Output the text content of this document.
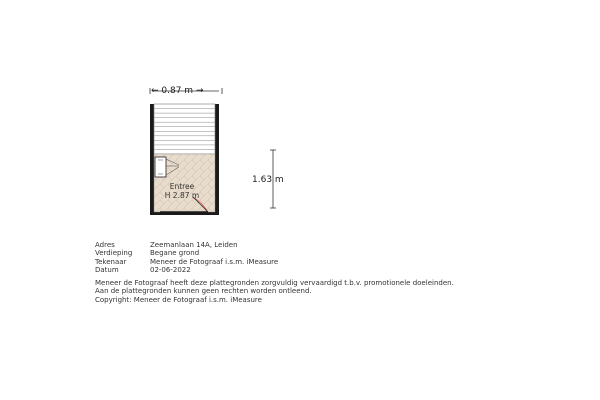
← 0.87 m →
1.63 m
Entree
H 2.87 m
Adres	Zeemanlaan 14A, Leiden
Verdieping	Begane grond
Tekenaar	Meneer de Fotograaf i.s.m. iMeasure
Datum	02-06-2022
Meneer de Fotograaf heeft deze plattegronden zorgvuldig vervaardigd t.b.v. promotionele doeleinden.
Aan de plattegronden kunnen geen rechten worden ontleend.
Copyright: Meneer de Fotograaf i.s.m. iMeasure
